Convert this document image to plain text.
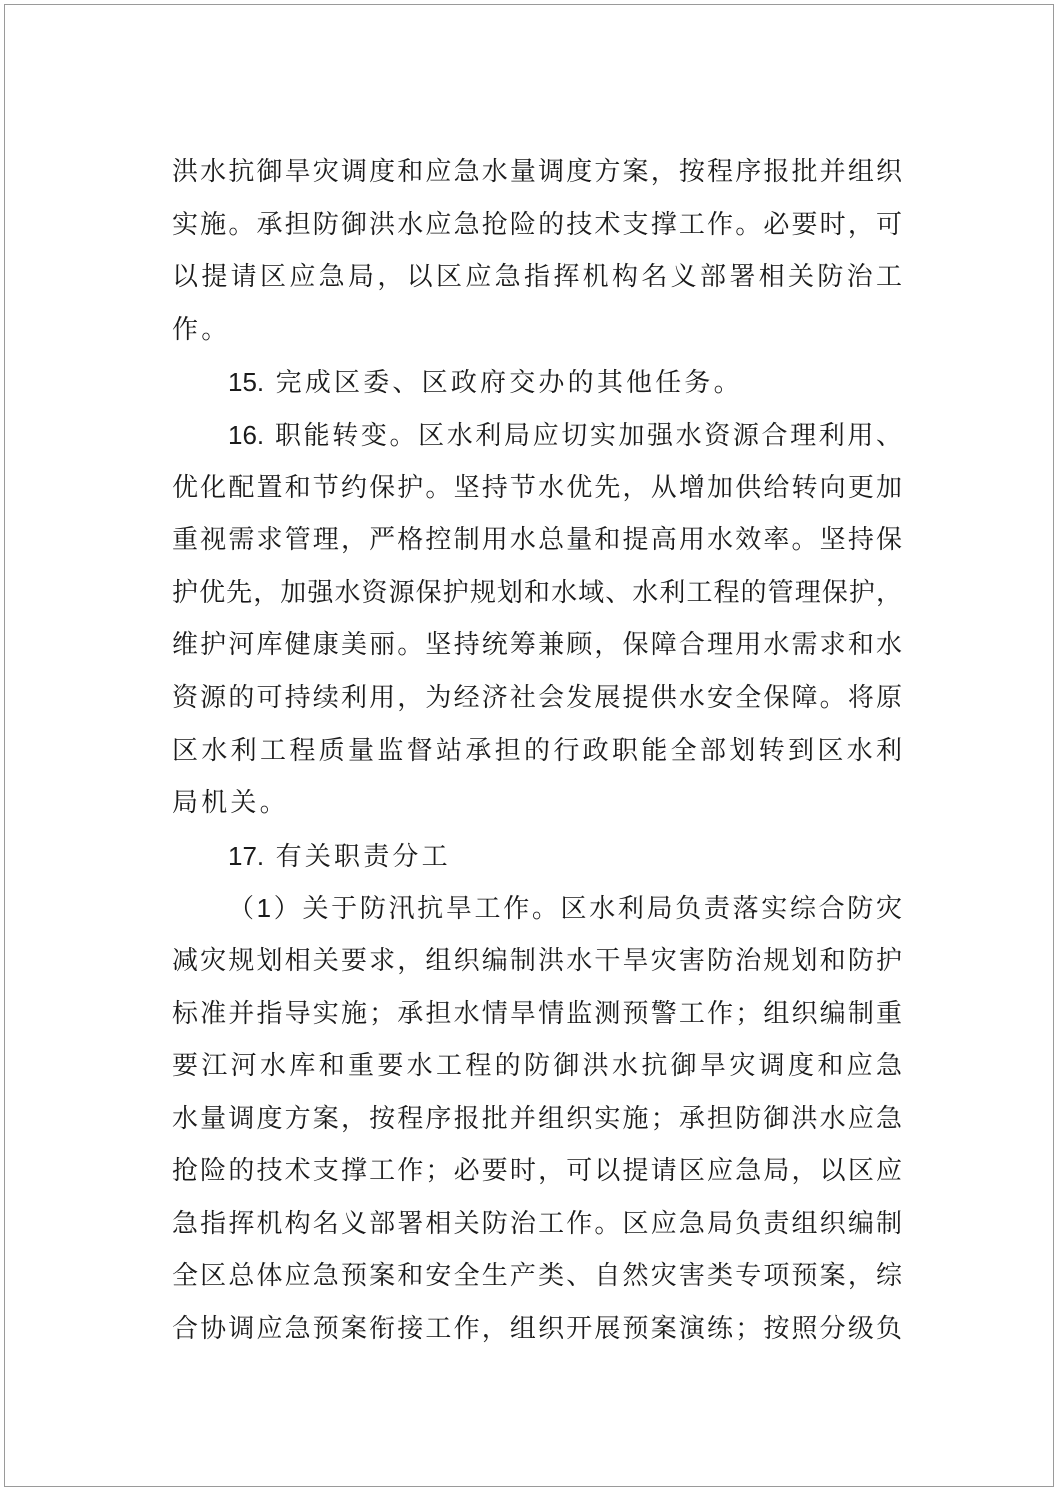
洪水抗御旱灾调度和应急水量调度方案，按程序报批并组织
实施。承担防御洪水应急抢险的技术支撑工作。必要时，可
以提请区应急局，以区应急指挥机构名义部署相关防治工
作。
15. 完成区委、区政府交办的其他任务。
16. 职能转变。区水利局应切实加强水资源合理利用、
优化配置和节约保护。坚持节水优先，从增加供给转向更加
重视需求管理，严格控制用水总量和提高用水效率。坚持保
护优先，加强水资源保护规划和水域、水利工程的管理保护，
维护河库健康美丽。坚持统筹兼顾，保障合理用水需求和水
资源的可持续利用，为经济社会发展提供水安全保障。将原
区水利工程质量监督站承担的行政职能全部划转到区水利
局机关。
17. 有关职责分工
（1）关于防汛抗旱工作。区水利局负责落实综合防灾
减灾规划相关要求，组织编制洪水干旱灾害防治规划和防护
标准并指导实施；承担水情旱情监测预警工作；组织编制重
要江河水库和重要水工程的防御洪水抗御旱灾调度和应急
水量调度方案，按程序报批并组织实施；承担防御洪水应急
抢险的技术支撑工作；必要时，可以提请区应急局，以区应
急指挥机构名义部署相关防治工作。区应急局负责组织编制
全区总体应急预案和安全生产类、自然灾害类专项预案，综
合协调应急预案衔接工作，组织开展预案演练；按照分级负
